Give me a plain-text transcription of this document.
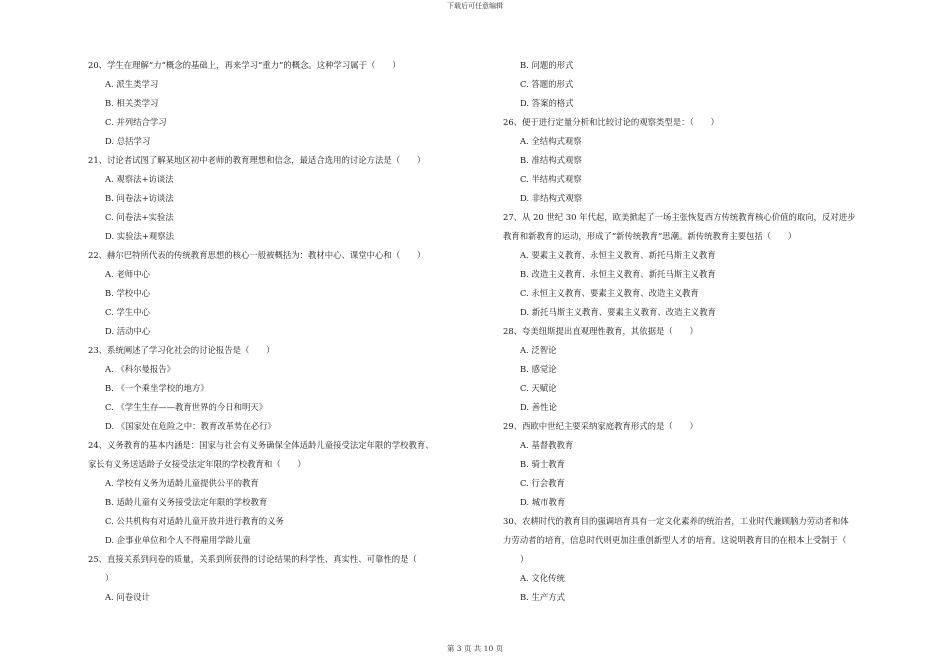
下载后可任意编辑
20、学生在理解“力”概念的基础上，再来学习“重力”的概念。这种学习属于（　　）
A. 派生类学习
B. 相关类学习
C. 并列结合学习
D. 总括学习
21、讨论者试图了解某地区初中老师的教育理想和信念，最适合选用的讨论方法是（　　）
A. 观察法+访谈法
B. 问卷法+访谈法
C. 问卷法+实验法
D. 实验法+观察法
22、赫尔巴特所代表的传统教育思想的核心一般被概括为：教材中心、课堂中心和（　　）
A. 老师中心
B. 学校中心
C. 学生中心
D. 活动中心
23、系统阐述了学习化社会的讨论报告是（　　）
A. 《科尔曼报告》
B. 《一个乘坐学校的地方》
C. 《学生生存——教育世界的今日和明天》
D. 《国家处在危险之中：教育改革势在必行》
24、义务教育的基本内涵是：国家与社会有义务确保全体适龄儿童接受法定年限的学校教育、
家长有义务送适龄子女接受法定年限的学校教育和（　　）
A. 学校有义务为适龄儿童提供公平的教育
B. 适龄儿童有义务接受法定年限的学校教育
C. 公共机构有对适龄儿童开放并进行教育的义务
D. 企事业单位和个人不得雇用学龄儿童
25、直接关系到问卷的质量，关系到所获得的讨论结果的科学性、真实性、可靠性的是（
）
A. 问卷设计
B. 问题的形式
C. 答题的形式
D. 答案的格式
26、便于进行定量分析和比较讨论的观察类型是：（　　）
A. 全结构式观察
B. 准结构式观察
C. 半结构式观察
D. 非结构式观察
27、从 20 世纪 30 年代起，欧美掀起了一场主张恢复西方传统教育核心价值的取向，反对进步
教育和新教育的运动，形成了“新传统教育”思潮。新传统教育主要包括（　　）
A. 要素主义教育、永恒主义教育、新托马斯主义教育
B. 改造主义教育、永恒主义教育、新托马斯主义教育
C. 永恒主义教育、要素主义教育、改造主义教育
D. 新托马斯主义教育、要素主义教育、改造主义教育
28、夸美纽斯提出直观理性教育，其依据是（　　）
A. 泛智论
B. 感觉论
C. 天赋论
D. 善性论
29、西欧中世纪主要采纳家庭教育形式的是（　　）
A. 基督教教育
B. 骑士教育
C. 行会教育
D. 城市教育
30、农耕时代的教育目的强调培育具有一定文化素养的统治者，工业时代兼顾脑力劳动者和体
力劳动者的培育，信息时代则更加注重创新型人才的培育。这说明教育目的在根本上受制于（
）
A. 文化传统
B. 生产方式
第 3 页 共 10 页
